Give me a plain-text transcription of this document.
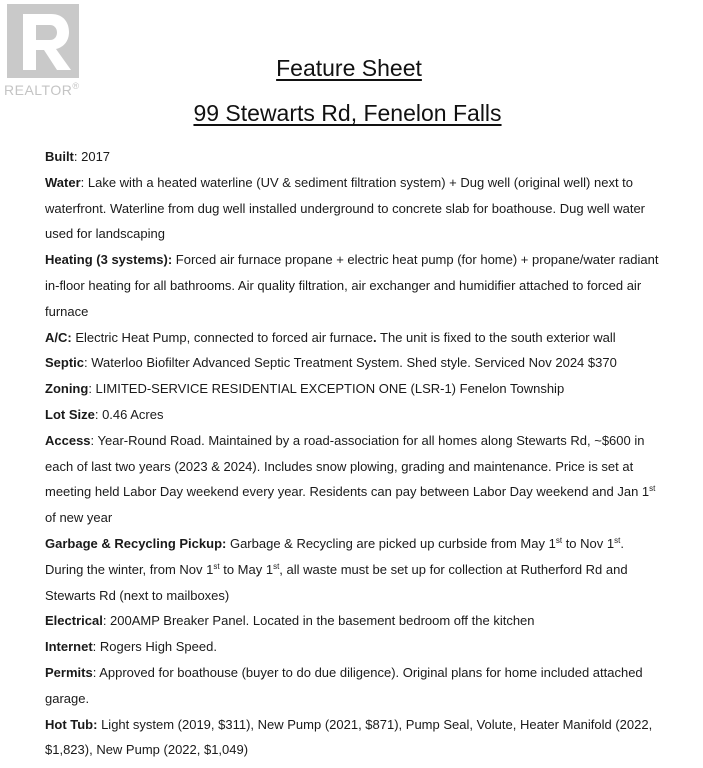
REALTOR®
Feature Sheet
99 Stewarts Rd, Fenelon Falls

Built: 2017

Water: Lake with a heated waterline (UV & sediment filtration system) + Dug well (original well) next to waterfront. Waterline from dug well installed underground to concrete slab for boathouse. Dug well water used for landscaping

Heating (3 systems): Forced air furnace propane + electric heat pump (for home) + propane/water radiant in-floor heating for all bathrooms. Air quality filtration, air exchanger and humidifier attached to forced air furnace

A/C: Electric Heat Pump, connected to forced air furnace. The unit is fixed to the south exterior wall

Septic: Waterloo Biofilter Advanced Septic Treatment System. Shed style. Serviced Nov 2024 $370

Zoning: LIMITED-SERVICE RESIDENTIAL EXCEPTION ONE (LSR-1) Fenelon Township

Lot Size: 0.46 Acres

Access: Year-Round Road. Maintained by a road-association for all homes along Stewarts Rd, ~$600 in each of last two years (2023 & 2024). Includes snow plowing, grading and maintenance. Price is set at meeting held Labor Day weekend every year. Residents can pay between Labor Day weekend and Jan 1st of new year

Garbage & Recycling Pickup: Garbage & Recycling are picked up curbside from May 1st to Nov 1st. During the winter, from Nov 1st to May 1st, all waste must be set up for collection at Rutherford Rd and Stewarts Rd (next to mailboxes)

Electrical: 200AMP Breaker Panel. Located in the basement bedroom off the kitchen

Internet: Rogers High Speed.

Permits: Approved for boathouse (buyer to do due diligence). Original plans for home included attached garage.

Hot Tub: Light system (2019, $311), New Pump (2021, $871), Pump Seal, Volute, Heater Manifold (2022, $1,823), New Pump (2022, $1,049)
